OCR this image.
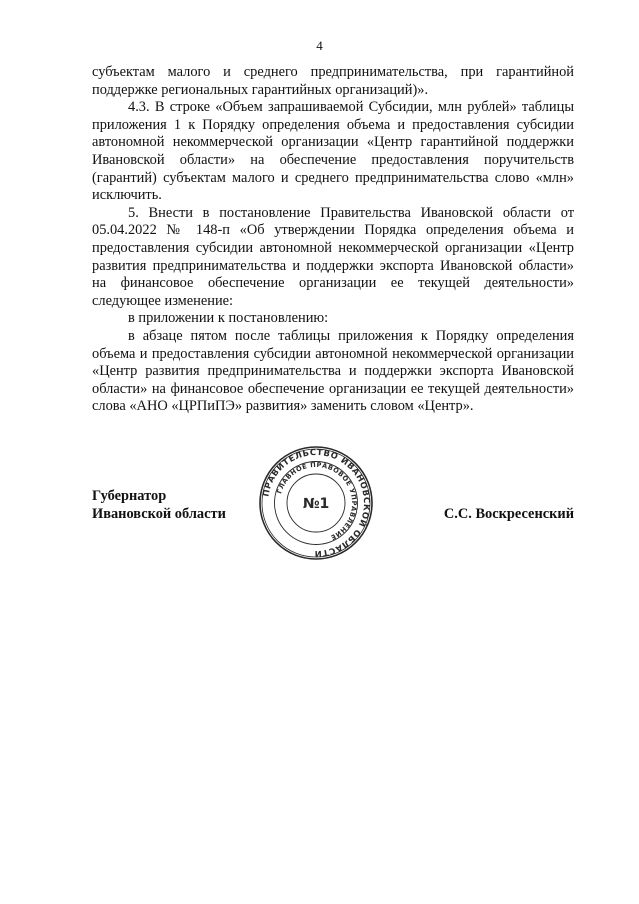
4

субъектам малого и среднего предпринимательства, при гарантийной поддержке региональных гарантийных организаций)».

4.3. В строке «Объем запрашиваемой Субсидии, млн рублей» таблицы приложения 1 к Порядку определения объема и предоставления субсидии автономной некоммерческой организации «Центр гарантийной поддержки Ивановской области» на обеспечение предоставления поручительств (гарантий) субъектам малого и среднего предпринимательства слово «млн» исключить.

5. Внести в постановление Правительства Ивановской области от 05.04.2022 № 148-п «Об утверждении Порядка определения объема и предоставления субсидии автономной некоммерческой организации «Центр развития предпринимательства и поддержки экспорта Ивановской области» на финансовое обеспечение организации ее текущей деятельности» следующее изменение:

в приложении к постановлению:

в абзаце пятом после таблицы приложения к Порядку определения объема и предоставления субсидии автономной некоммерческой организации «Центр развития предпринимательства и поддержки экспорта Ивановской области» на финансовое обеспечение организации ее текущей деятельности» слова «АНО «ЦРПиПЭ» развития» заменить словом «Центр».

Губернатор
Ивановской области	С.С. Воскресенский
ПРАВИТЕЛЬСТВО ИВАНОВСКОЙ ОБЛАСТИ
ГЛАВНОЕ ПРАВОВОЕ УПРАВЛЕНИЕ
№1
